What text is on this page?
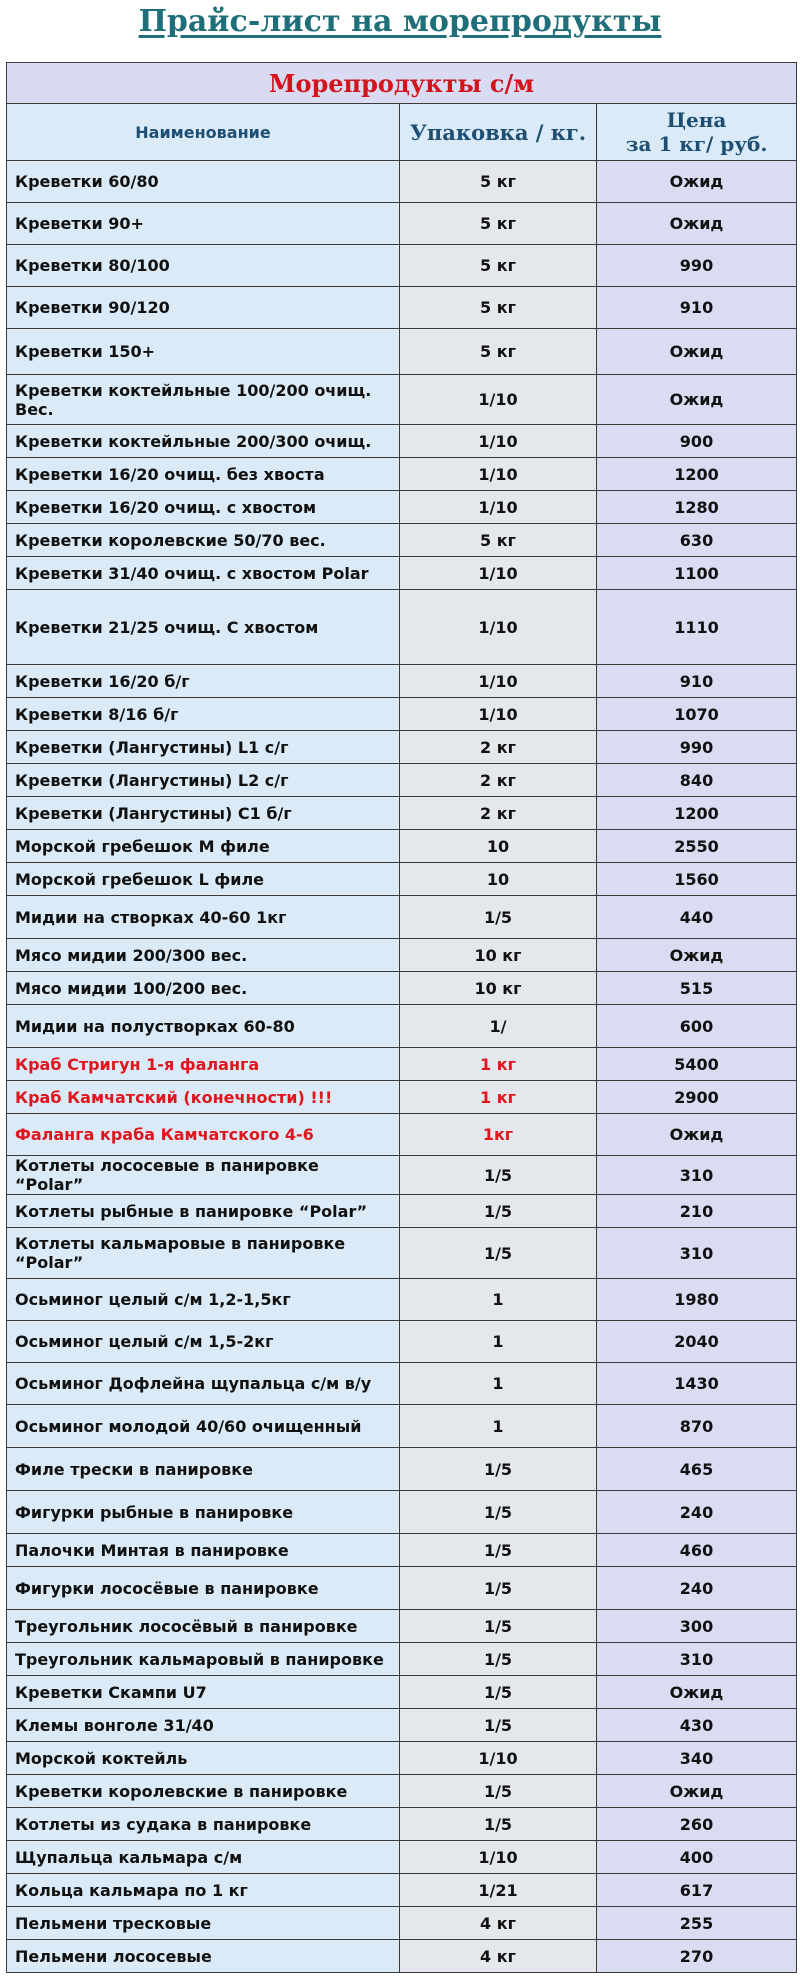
Прайс-лист на морепродукты
Морепродукты с/м		
Наименование	Упаковка / кг.	Цена
за 1 кг/ руб.
Креветки 60/80	5 кг	Ожид
Креветки 90+	5 кг	Ожид
Креветки 80/100	5 кг	990
Креветки 90/120	5 кг	910
Креветки 150+	5 кг	Ожид
Креветки коктейльные 100/200 очищ. Вес.	1/10	Ожид
Креветки коктейльные 200/300 очищ.	1/10	900
Креветки 16/20 очищ. без хвоста	1/10	1200
Креветки 16/20 очищ. с хвостом	1/10	1280
Креветки королевские 50/70 вес.	5 кг	630
Креветки 31/40 очищ. с хвостом Polar	1/10	1100
Креветки 21/25 очищ. С хвостом	1/10	1110
Креветки 16/20 б/г	1/10	910
Креветки 8/16 б/г	1/10	1070
Креветки (Лангустины) L1 с/г	2 кг	990
Креветки (Лангустины) L2 с/г	2 кг	840
Креветки (Лангустины) C1 б/г	2 кг	1200
Морской гребешок M филе	10	2550
Морской гребешок L филе	10	1560
Мидии на створках 40-60 1кг	1/5	440
Мясо мидии 200/300 вес.	10 кг	Ожид
Мясо мидии 100/200 вес.	10 кг	515
Мидии на полустворках 60-80	1/	600
Краб Стригун 1-я фаланга	1 кг	5400
Краб Камчатский (конечности) !!!	1 кг	2900
Фаланга краба Камчатского 4-6	1кг	Ожид
Котлеты лососевые в панировке “Polar”	1/5	310
Котлеты рыбные в панировке “Polar”	1/5	210
Котлеты кальмаровые в панировке “Polar”	1/5	310
Осьминог целый с/м 1,2-1,5кг	1	1980
Осьминог целый с/м 1,5-2кг	1	2040
Осьминог Дофлейна щупальца с/м в/у	1	1430
Осьминог молодой 40/60 очищенный	1	870
Филе трески в панировке	1/5	465
Фигурки рыбные в панировке	1/5	240
Палочки Минтая в панировке	1/5	460
Фигурки лососёвые в панировке	1/5	240
Треугольник лососёвый в панировке	1/5	300
Треугольник кальмаровый в панировке	1/5	310
Креветки Скампи U7	1/5	Ожид
Клемы вонголе 31/40	1/5	430
Морской коктейль	1/10	340
Креветки королевские в панировке	1/5	Ожид
Котлеты из судака в панировке	1/5	260
Щупальца кальмара с/м	1/10	400
Кольца кальмара по 1 кг	1/21	617
Пельмени тресковые	4 кг	255
Пельмени лососевые	4 кг	270
